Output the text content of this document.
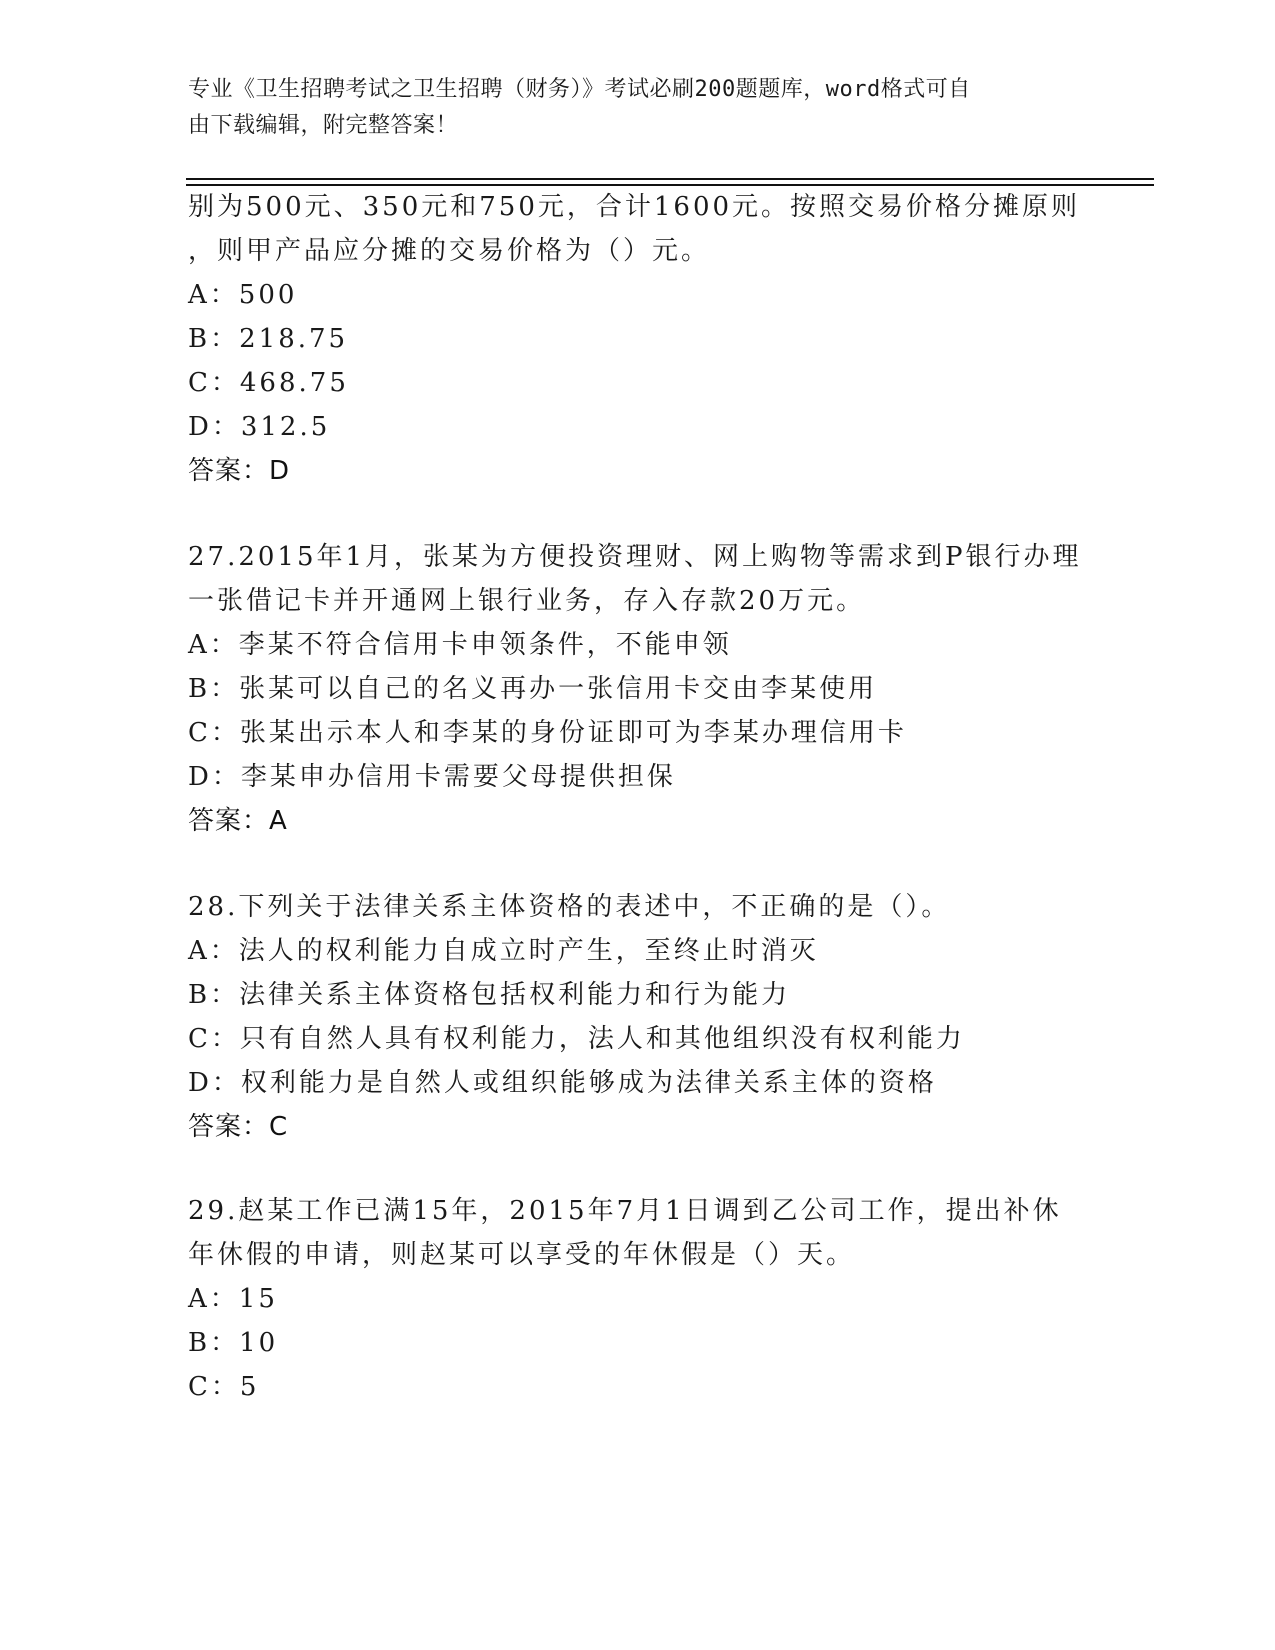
专业《卫生招聘考试之卫生招聘（财务）》考试必刷200题题库，word格式可自
由下载编辑，附完整答案！
别为500元、350元和750元，合计1600元。按照交易价格分摊原则
，则甲产品应分摊的交易价格为（）元。
A：500
B：218.75
C：468.75
D：312.5
答案：D
27.2015年1月，张某为方便投资理财、网上购物等需求到P银行办理
一张借记卡并开通网上银行业务，存入存款20万元。
A：李某不符合信用卡申领条件，不能申领
B：张某可以自己的名义再办一张信用卡交由李某使用
C：张某出示本人和李某的身份证即可为李某办理信用卡
D：李某申办信用卡需要父母提供担保
答案：A
28.下列关于法律关系主体资格的表述中，不正确的是（）。
A：法人的权利能力自成立时产生，至终止时消灭
B：法律关系主体资格包括权利能力和行为能力
C：只有自然人具有权利能力，法人和其他组织没有权利能力
D：权利能力是自然人或组织能够成为法律关系主体的资格
答案：C
29.赵某工作已满15年，2015年7月1日调到乙公司工作，提出补休
年休假的申请，则赵某可以享受的年休假是（）天。
A：15
B：10
C：5
